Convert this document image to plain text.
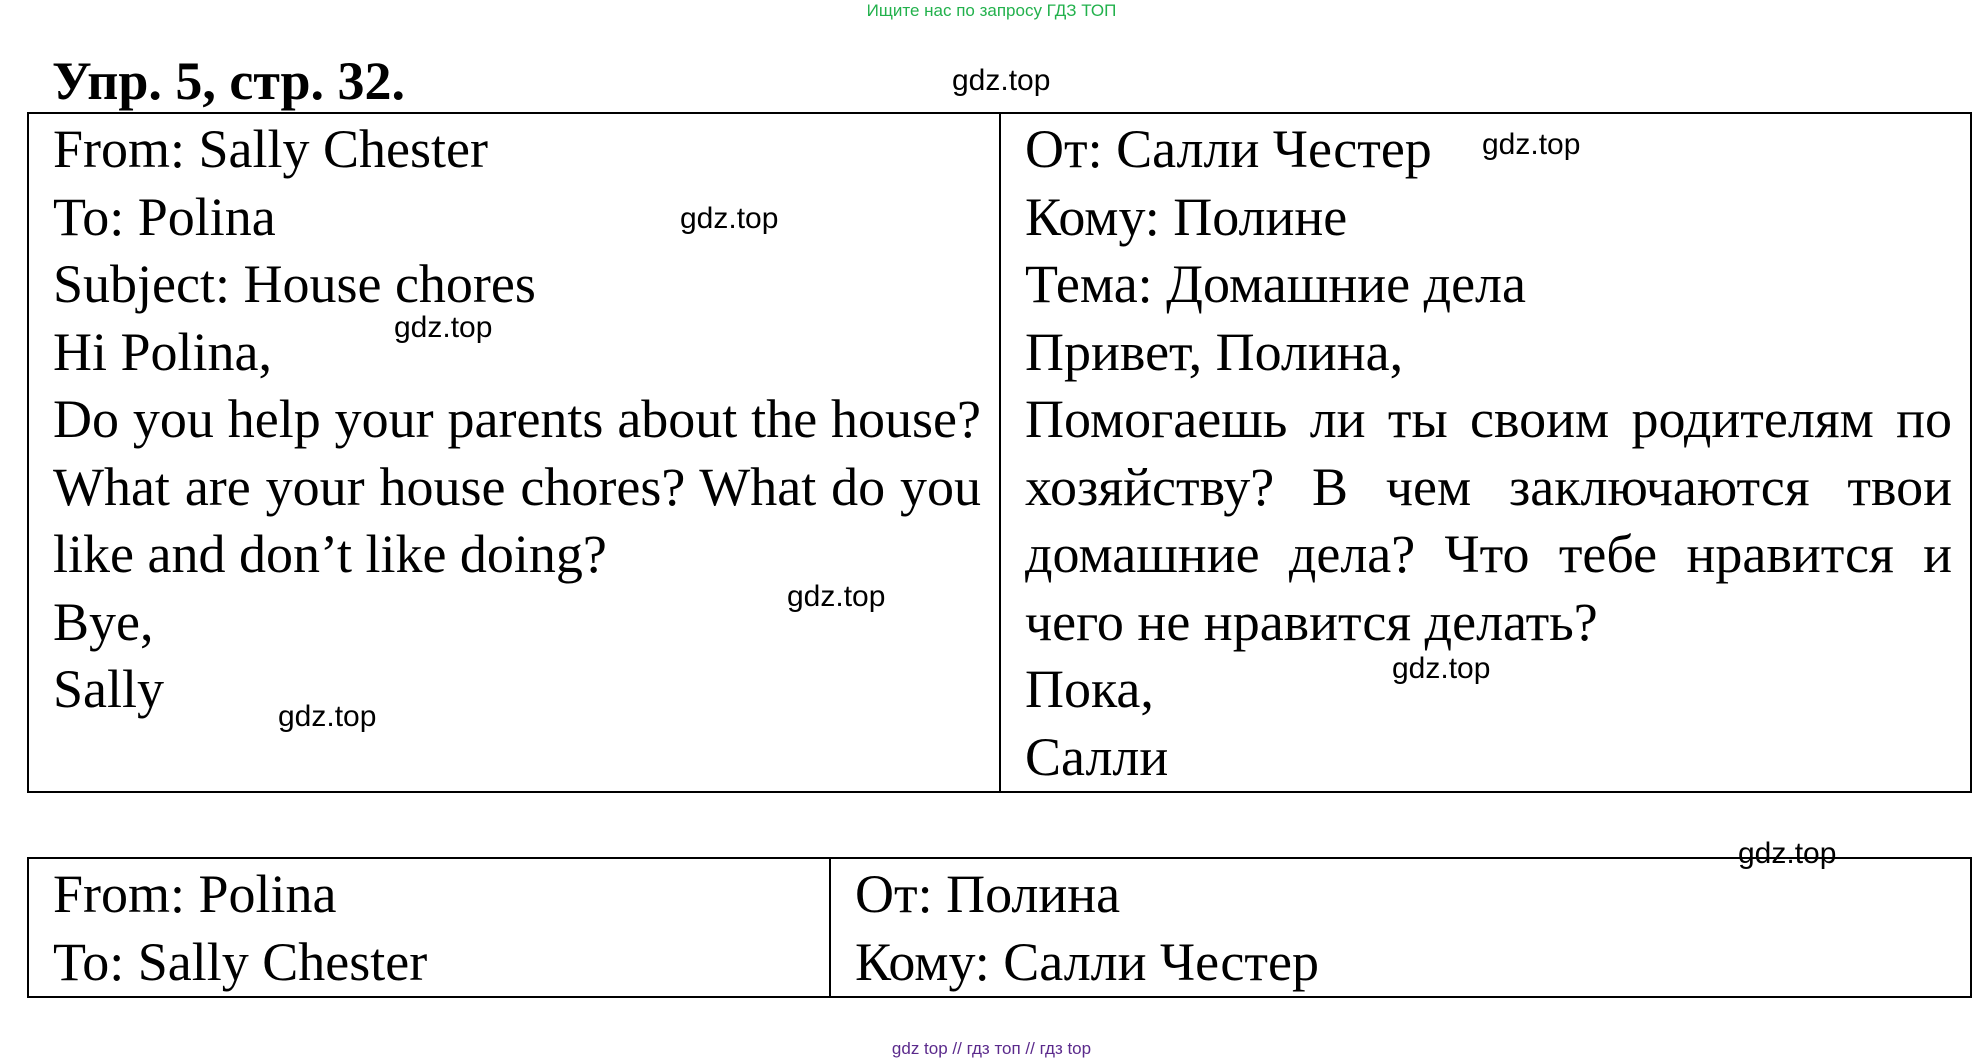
Ищите нас по запросу ГДЗ ТОП
Упр. 5, стр. 32.
From: Sally Chester
To: Polina
Subject: House chores
Hi Polina,

Do you help your parents about the house? What are your house chores? What do you like and don’t like doing?

Bye,
Sally

От: Салли Честер
Кому: Полине
Тема: Домашние дела
Привет, Полина,

Помогаешь ли ты своим родителям по хозяйству? В чем заключаются твои домашние дела? Что тебе нравится и чего не нравится делать?

Пока,
Салли
From: Polina
To: Sally Chester

От: Полина
Кому: Салли Честер
gdz.top
gdz.top
gdz.top
gdz.top
gdz.top
gdz.top
gdz.top
gdz.top
gdz top // гдз топ // гдз top
